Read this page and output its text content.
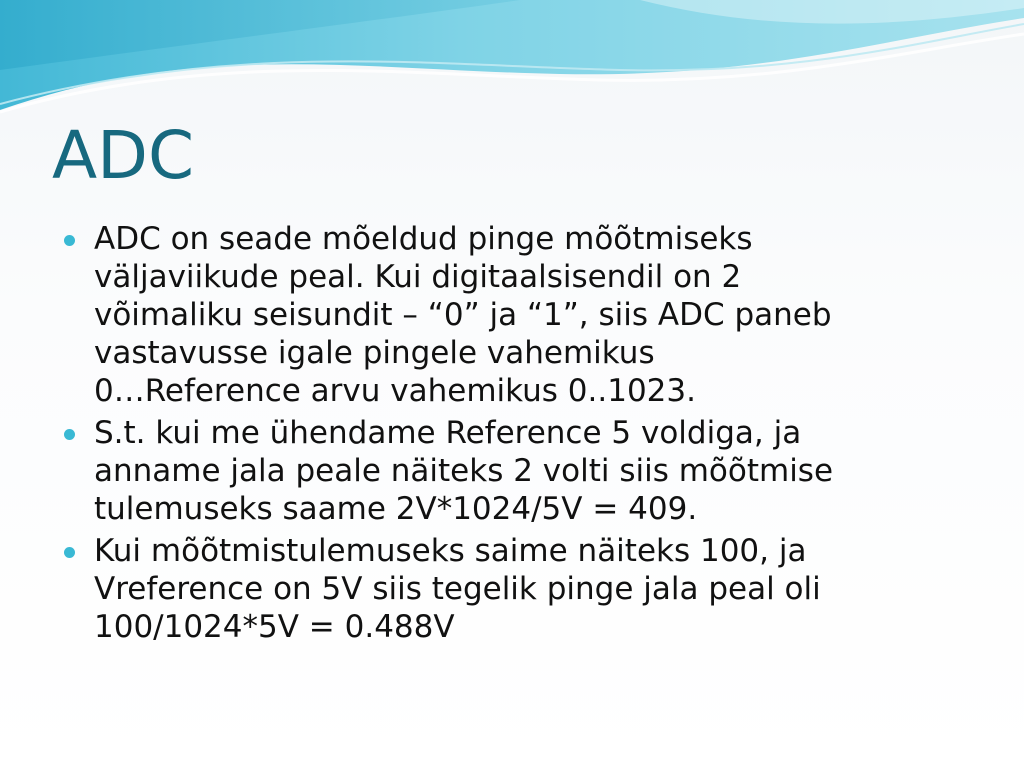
ADC
ADC on seade mõeldud pinge mõõtmiseks
väljaviikude peal. Kui digitaalsisendil on 2
võimaliku seisundit – “0” ja “1”, siis ADC paneb
vastavusse igale pingele vahemikus
0…Reference arvu vahemikus 0..1023.
S.t. kui me ühendame Reference 5 voldiga, ja
anname jala peale näiteks 2 volti siis mõõtmise
tulemuseks saame 2V*1024/5V = 409.
Kui mõõtmistulemuseks saime näiteks 100, ja
Vreference on 5V siis tegelik pinge jala peal oli
100/1024*5V = 0.488V
